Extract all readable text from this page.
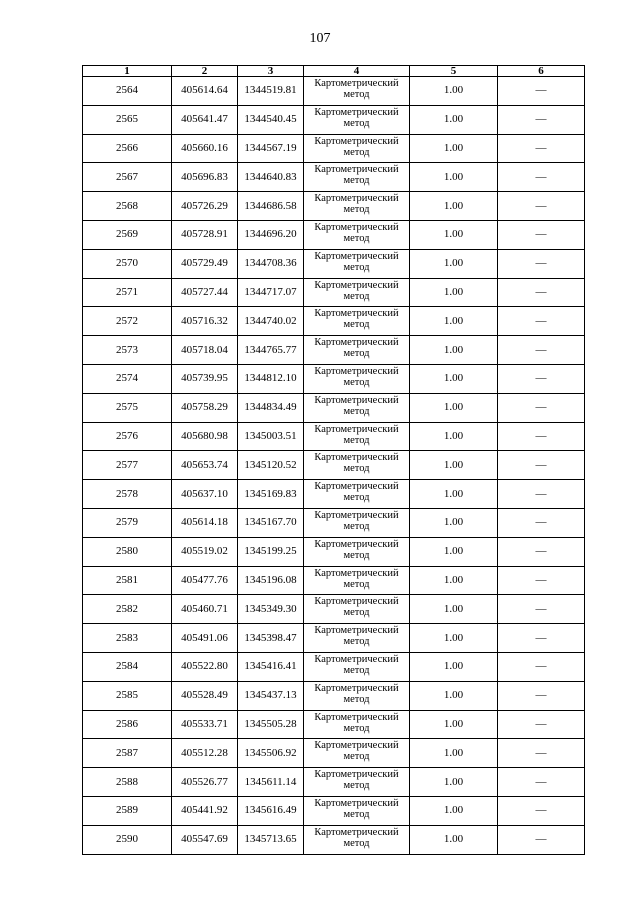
107
1	2	3	4	5	6
2564	405614.64	1344519.81	Картометрический метод	1.00	—
2565	405641.47	1344540.45	Картометрический метод	1.00	—
2566	405660.16	1344567.19	Картометрический метод	1.00	—
2567	405696.83	1344640.83	Картометрический метод	1.00	—
2568	405726.29	1344686.58	Картометрический метод	1.00	—
2569	405728.91	1344696.20	Картометрический метод	1.00	—
2570	405729.49	1344708.36	Картометрический метод	1.00	—
2571	405727.44	1344717.07	Картометрический метод	1.00	—
2572	405716.32	1344740.02	Картометрический метод	1.00	—
2573	405718.04	1344765.77	Картометрический метод	1.00	—
2574	405739.95	1344812.10	Картометрический метод	1.00	—
2575	405758.29	1344834.49	Картометрический метод	1.00	—
2576	405680.98	1345003.51	Картометрический метод	1.00	—
2577	405653.74	1345120.52	Картометрический метод	1.00	—
2578	405637.10	1345169.83	Картометрический метод	1.00	—
2579	405614.18	1345167.70	Картометрический метод	1.00	—
2580	405519.02	1345199.25	Картометрический метод	1.00	—
2581	405477.76	1345196.08	Картометрический метод	1.00	—
2582	405460.71	1345349.30	Картометрический метод	1.00	—
2583	405491.06	1345398.47	Картометрический метод	1.00	—
2584	405522.80	1345416.41	Картометрический метод	1.00	—
2585	405528.49	1345437.13	Картометрический метод	1.00	—
2586	405533.71	1345505.28	Картометрический метод	1.00	—
2587	405512.28	1345506.92	Картометрический метод	1.00	—
2588	405526.77	1345611.14	Картометрический метод	1.00	—
2589	405441.92	1345616.49	Картометрический метод	1.00	—
2590	405547.69	1345713.65	Картометрический метод	1.00	—
